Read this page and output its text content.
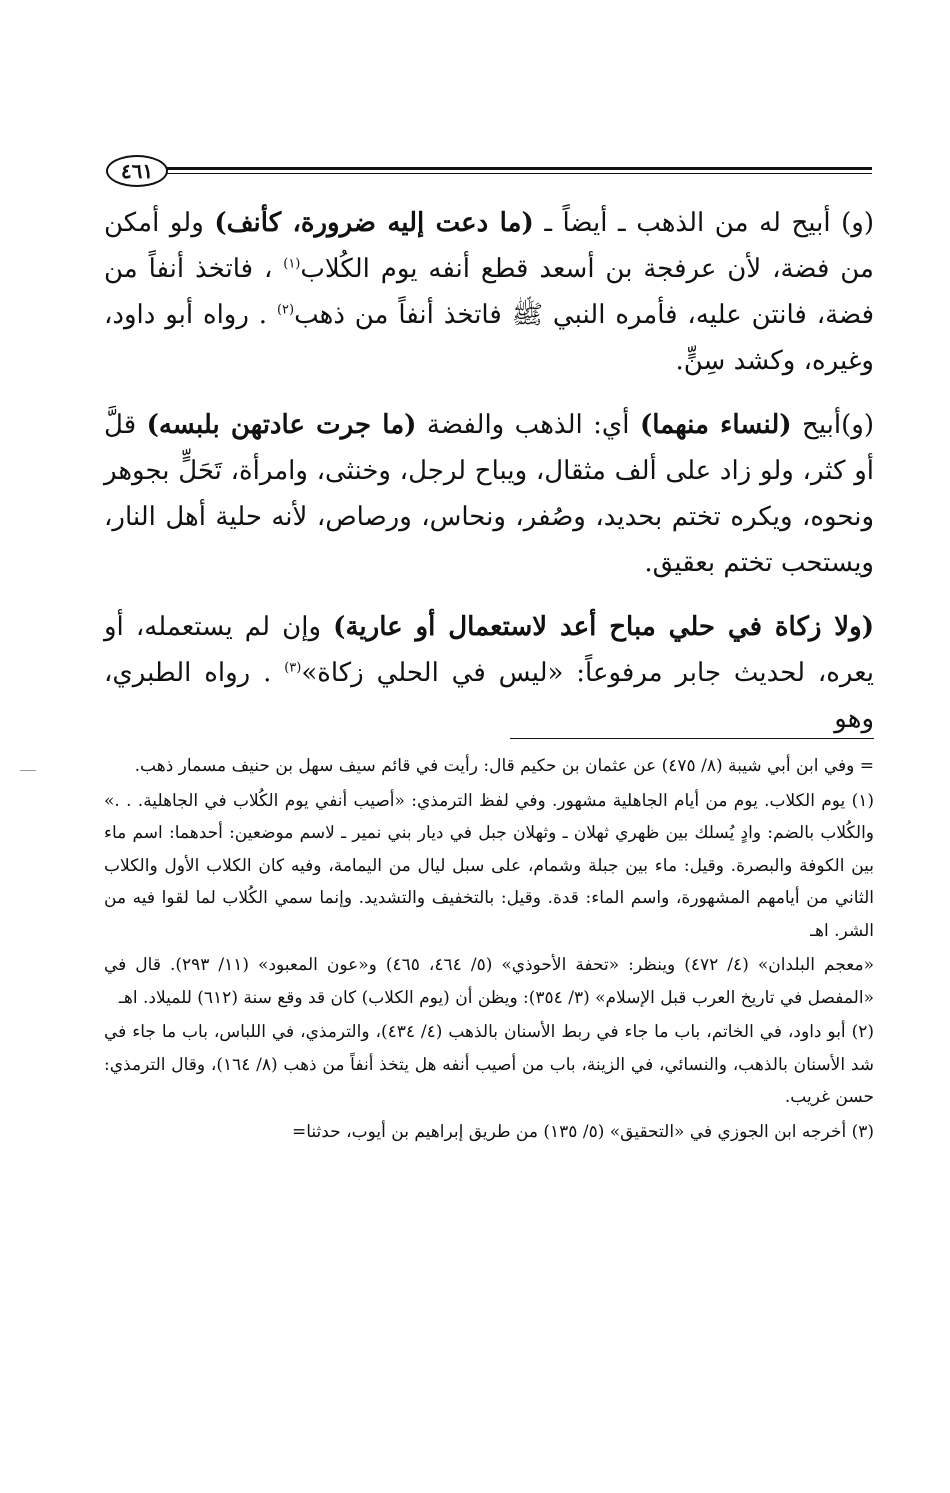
٤٦١

(و) أبيح له من الذهب ـ أيضاً ـ (ما دعت إليه ضرورة، كأنف) ولو أمكن من فضة، لأن عرفجة بن أسعد قطع أنفه يوم الكُلاب$^{(١)}$ ، فاتخذ أنفاً من فضة، فانتن عليه، فأمره النبي ﷺ فاتخذ أنفاً من ذهب$^{(٢)}$ . رواه أبو داود، وغيره، وكشد سِنٍّ.

(و)أبيح (لنساء منهما) أي: الذهب والفضة (ما جرت عادتهن بلبسه) قلَّ أو كثر، ولو زاد على ألف مثقال، ويباح لرجل، وخنثى، وامرأة، تَحَلٍّ بجوهر ونحوه، ويكره تختم بحديد، وصُفر، ونحاس، ورصاص، لأنه حلية أهل النار، ويستحب تختم بعقيق.

(ولا زكاة في حلي مباح أعد لاستعمال أو عارية) وإن لم يستعمله، أو يعره، لحديث جابر مرفوعاً: «ليس في الحلي زكاة»$^{(٣)}$ . رواه الطبري، وهو

= وفي ابن أبي شيبة (٨/ ٤٧٥) عن عثمان بن حكيم قال: رأيت في قائم سيف سهل بن حنيف مسمار ذهب.

(١) يوم الكلاب. يوم من أيام الجاهلية مشهور. وفي لفظ الترمذي: «أصيب أنفي يوم الكُلاب في الجاهلية. . .» والكُلاب بالضم: وادٍ يُسلك بين ظهري ثهلان ـ وثهلان جبل في ديار بني نمير ـ لاسم موضعين: أحدهما: اسم ماء بين الكوفة والبصرة. وقيل: ماء بين جبلة وشمام، على سبل ليال من اليمامة، وفيه كان الكلاب الأول والكلاب الثاني من أيامهم المشهورة، واسم الماء: قدة. وقيل: بالتخفيف والتشديد. وإنما سمي الكُلاب لما لقوا فيه من الشر. اهـ

«معجم البلدان» (٤/ ٤٧٢) وينظر: «تحفة الأحوذي» (٥/ ٤٦٤، ٤٦٥) و«عون المعبود» (١١/ ٢٩٣). قال في «المفصل في تاريخ العرب قبل الإسلام» (٣/ ٣٥٤): ويظن أن (يوم الكلاب) كان قد وقع سنة (٦١٢) للميلاد. اهـ

(٢) أبو داود، في الخاتم، باب ما جاء في ربط الأسنان بالذهب (٤/ ٤٣٤)، والترمذي، في اللباس، باب ما جاء في شد الأسنان بالذهب، والنسائي، في الزينة، باب من أصيب أنفه هل يتخذ أنفاً من ذهب (٨/ ١٦٤)، وقال الترمذي: حسن غريب.

(٣) أخرجه ابن الجوزي في «التحقيق» (٥/ ١٣٥) من طريق إبراهيم بن أيوب، حدثنا=
